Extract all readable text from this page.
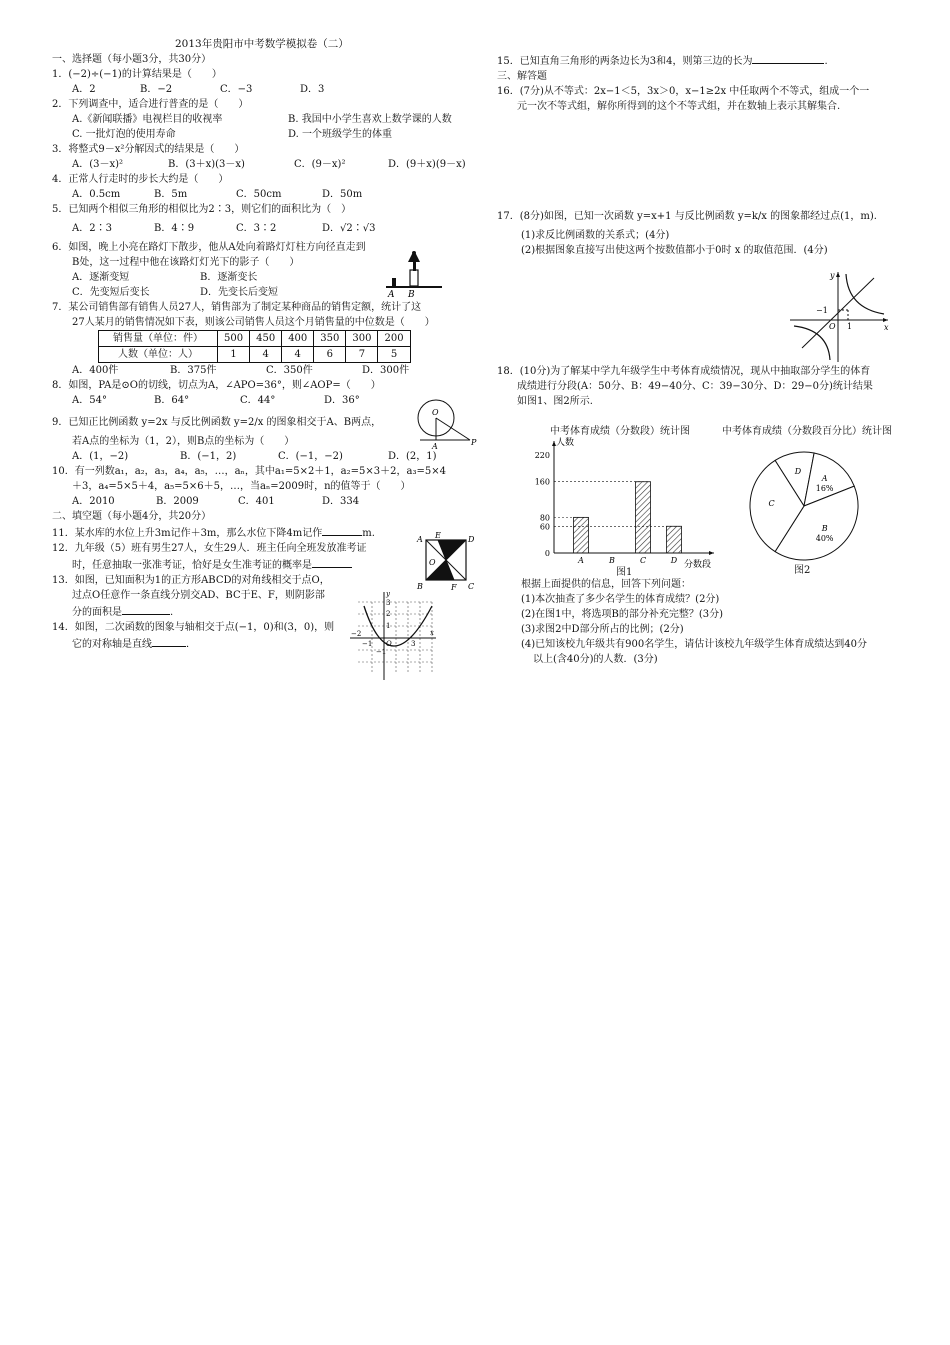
2013年贵阳市中考数学模拟卷（二）
一、选择题（每小题3分，共30分）
1．(−2)÷(−1)的计算结果是（　　）
A．2	B．−2	C．−3	D．3
2．下列调查中，适合进行普查的是（　　）
A.《新闻联播》电视栏目的收视率	B. 我国中小学生喜欢上数学课的人数
C. 一批灯泡的使用寿命	D. 一个班级学生的体重
3．将整式9－x²分解因式的结果是（　　）
A．(3－x)²	B．(3＋x)(3－x)	C．(9－x)²	D．(9＋x)(9－x)
4．正常人行走时的步长大约是（　　）
A．0.5cm	B．5m	C．50cm	D．50m
5．已知两个相似三角形的相似比为2∶3，则它们的面积比为（　）
A．2∶3	B．4∶9	C．3∶2	D．√2∶√3
6．如图，晚上小亮在路灯下散步，他从A处向着路灯灯柱方向径直走到
B处，这一过程中他在该路灯灯光下的影子（　　）
A．逐渐变短	B．逐渐变长
C．先变短后变长	D．先变长后变短
7．某公司销售部有销售人员27人，销售部为了制定某种商品的销售定额，统计了这
27人某月的销售情况如下表，则该公司销售人员这个月销售量的中位数是（　　）
销售量（单位：件）	500	450	400	350	300	200
人数（单位：人）	1	4	4	6	7	5
A．400件	B．375件	C．350件	D．300件
8．如图，PA是⊙O的切线，切点为A，∠APO=36°，则∠AOP=（　　）
A．54°	B．64°	C．44°	D．36°
9．已知正比例函数 y=2x 与反比例函数 y=2/x 的图象相交于A、B两点，
若A点的坐标为（1，2），则B点的坐标为（　　）
A．(1，−2)	B．(−1，2)	C．(−1，−2)	D．(2，1)
10．有一列数a₁，a₂，a₃，a₄，a₅，…，aₙ，其中a₁=5×2＋1，a₂=5×3＋2，a₃=5×4
＋3，a₄=5×5＋4，a₅=5×6＋5，…，当aₙ=2009时，n的值等于（　　）
A．2010	B．2009	C．401	D．334
二、填空题（每小题4分，共20分）
11．某水库的水位上升3m记作＋3m，那么水位下降4m记作	m.
12．九年级（5）班有男生27人，女生29人．班主任向全班发放准考证
时，任意抽取一张准考证，恰好是女生准考证的概率是
13．如图，已知面积为1的正方形ABCD的对角线相交于点O，
过点O任意作一条直线分别交AD、BC于E、F，则阴影部
分的面积是	.
14．如图，二次函数的图象与轴相交于点(−1，0)和(3，0)，则
它的对称轴是直线	．
A B
O
A	P
A E	D
O
B	F C
y
x
O
−1	3
−2
−1
1
2
3
15．已知直角三角形的两条边长为3和4，则第三边的长为	.
三、解答题
16．(7分)从不等式：2x−1＜5，3x＞0，x−1≥2x 中任取两个不等式，组成一个一
元一次不等式组，解你所得到的这个不等式组，并在数轴上表示其解集合.
17．(8分)如图，已知一次函数 y=x+1 与反比例函数 y=k/x 的图象都经过点(1，m).
(1)求反比例函数的关系式；(4分)
(2)根据图象直接写出使这两个按数值都小于0时 x 的取值范围．(4分)
18．(10分)为了解某中学九年级学生中考体育成绩情况，现从中抽取部分学生的体育
成绩进行分段(A：50分、B：49−40分、C：39−30分、D：29−0分)统计结果
如图1、图2所示.
根据上面提供的信息，回答下列问题：
(1)本次抽查了多少名学生的体育成绩？(2分)
(2)在图1中，将选项B的部分补充完整？(3分)
(3)求图2中D部分所占的比例；(2分)
(4)已知该校九年级共有900名学生，请估计该校九年级学生体育成绩达到40分
以上(含40分)的人数．(3分)
y
x
O 1
−1
中考体育成绩（分数段）统计图	中考体育成绩（分数段百分比）统计图
人数
分数段
0
60
80
160
220
A	B	C	D
图1
D
A
16%
B
40%
C
图2
